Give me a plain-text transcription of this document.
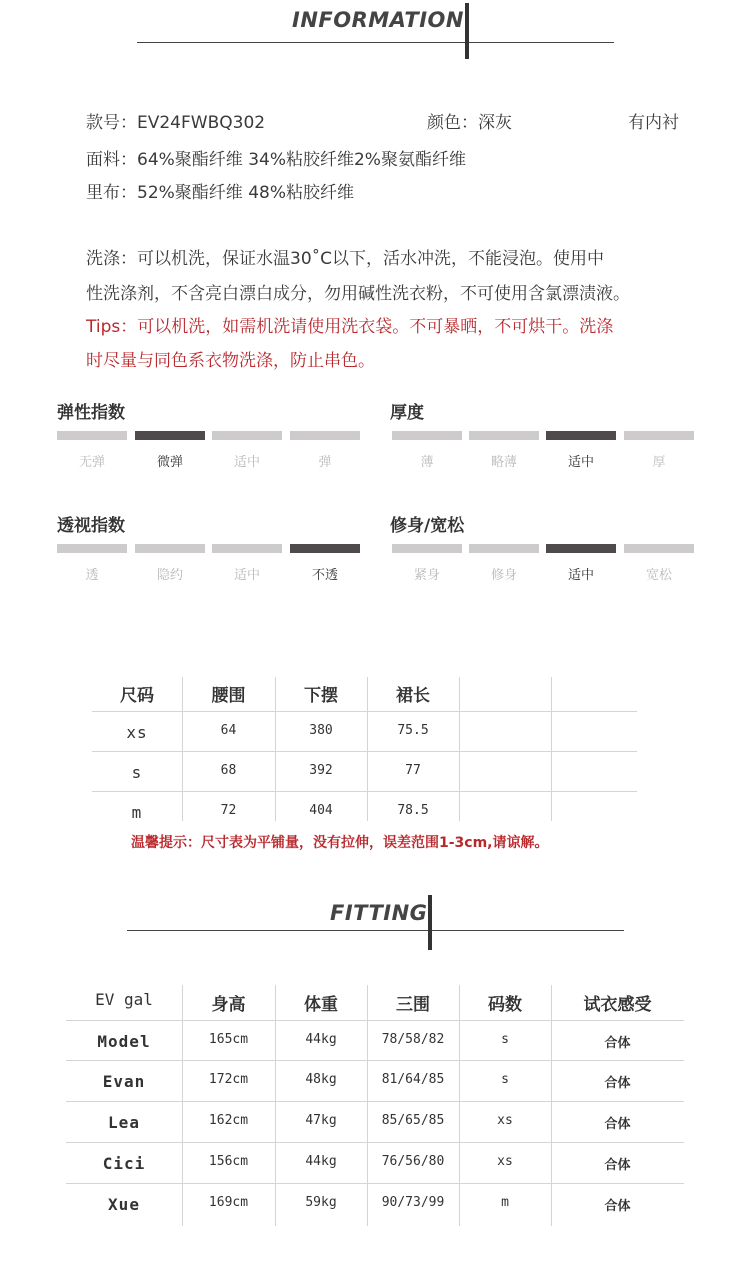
INFORMATION
款号：EV24FWBQ302	颜色：深灰	有内衬
面料：64%聚酯纤维 34%粘胶纤维2%聚氨酯纤维
里布：52%聚酯纤维 48%粘胶纤维
洗涤：可以机洗，保证水温30˚C以下，活水冲洗，不能浸泡。使用中
性洗涤剂，不含亮白漂白成分，勿用碱性洗衣粉，不可使用含氯漂渍液。
Tips：可以机洗，如需机洗请使用洗衣袋。不可暴晒，不可烘干。洗涤
时尽量与同色系衣物洗涤，防止串色。
弹性指数
无弹	微弹	适中	弹
厚度
薄	略薄	适中	厚
透视指数
透	隐约	适中	不透
修身/宽松
紧身	修身	适中	宽松
尺码	腰围	下摆	裙长
xs	64	380	75.5
s	68	392	77
m	72	404	78.5
温馨提示：尺寸表为平铺量，没有拉伸，误差范围1-3cm,请谅解。
FITTING
EV gal	身高	体重	三围	码数	试衣感受
Model	165cm	44kg	78/58/82	s	合体
Evan	172cm	48kg	81/64/85	s	合体
Lea	162cm	47kg	85/65/85	xs	合体
Cici	156cm	44kg	76/56/80	xs	合体
Xue	169cm	59kg	90/73/99	m	合体
